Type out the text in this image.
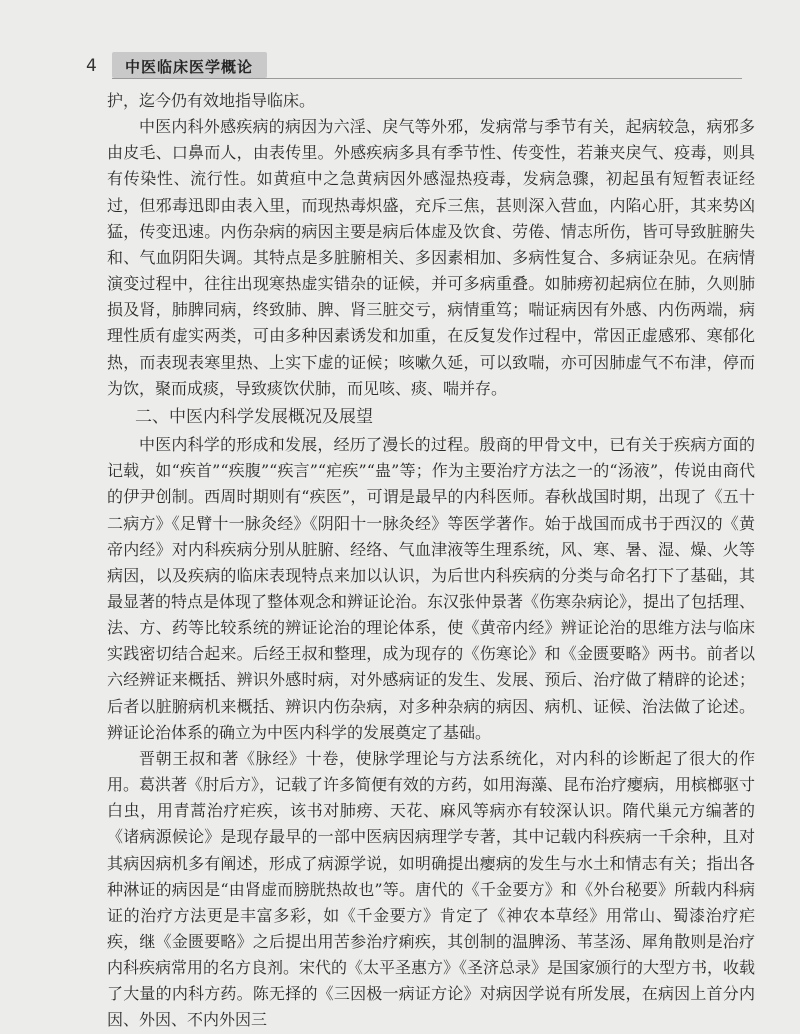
4 中医临床医学概论

护，迄今仍有效地指导临床。

中医内科外感疾病的病因为六淫、戾气等外邪，发病常与季节有关，起病较急，病邪多由皮毛、口鼻而人，由表传里。外感疾病多具有季节性、传变性，若兼夹戾气、疫毒，则具有传染性、流行性。如黄疸中之急黄病因外感湿热疫毒，发病急骤，初起虽有短暂表证经过，但邪毒迅即由表入里，而现热毒炽盛，充斥三焦，甚则深入营血，内陷心肝，其来势凶猛，传变迅速。内伤杂病的病因主要是病后体虚及饮食、劳倦、情志所伤，皆可导致脏腑失和、气血阴阳失调。其特点是多脏腑相关、多因素相加、多病性复合、多病证杂见。在病情演变过程中，往往出现寒热虚实错杂的证候，并可多病重叠。如肺痨初起病位在肺，久则肺损及肾，肺脾同病，终致肺、脾、肾三脏交亏，病情重笃；喘证病因有外感、内伤两端，病理性质有虚实两类，可由多种因素诱发和加重，在反复发作过程中，常因正虚感邪、寒郁化热，而表现表寒里热、上实下虚的证候；咳嗽久延，可以致喘，亦可因肺虚气不布津，停而为饮，聚而成痰，导致痰饮伏肺，而见咳、痰、喘并存。

二、中医内科学发展概况及展望

中医内科学的形成和发展，经历了漫长的过程。殷商的甲骨文中，已有关于疾病方面的记载，如“疾首”“疾腹”“疾言”“疟疾”“蛊”等；作为主要治疗方法之一的“汤液”，传说由商代的伊尹创制。西周时期则有“疾医”，可谓是最早的内科医师。春秋战国时期，出现了《五十二病方》《足臂十一脉灸经》《阴阳十一脉灸经》等医学著作。始于战国而成书于西汉的《黄帝内经》对内科疾病分别从脏腑、经络、气血津液等生理系统，风、寒、暑、湿、燥、火等病因，以及疾病的临床表现特点来加以认识，为后世内科疾病的分类与命名打下了基础，其最显著的特点是体现了整体观念和辨证论治。东汉张仲景著《伤寒杂病论》，提出了包括理、法、方、药等比较系统的辨证论治的理论体系，使《黄帝内经》辨证论治的思维方法与临床实践密切结合起来。后经王叔和整理，成为现存的《伤寒论》和《金匮要略》两书。前者以六经辨证来概括、辨识外感时病，对外感病证的发生、发展、预后、治疗做了精辟的论述；后者以脏腑病机来概括、辨识内伤杂病，对多种杂病的病因、病机、证候、治法做了论述。辨证论治体系的确立为中医内科学的发展奠定了基础。

晋朝王叔和著《脉经》十卷，使脉学理论与方法系统化，对内科的诊断起了很大的作用。葛洪著《肘后方》，记载了许多简便有效的方药，如用海藻、昆布治疗瘿病，用槟榔驱寸白虫，用青蒿治疗疟疾，该书对肺痨、天花、麻风等病亦有较深认识。隋代巢元方编著的《诸病源候论》是现存最早的一部中医病因病理学专著，其中记载内科疾病一千余种，且对其病因病机多有阐述，形成了病源学说，如明确提出瘿病的发生与水土和情志有关；指出各种淋证的病因是“由肾虚而膀胱热故也”等。唐代的《千金要方》和《外台秘要》所载内科病证的治疗方法更是丰富多彩，如《千金要方》肯定了《神农本草经》用常山、蜀漆治疗疟疾，继《金匮要略》之后提出用苦参治疗痢疾，其创制的温脾汤、苇茎汤、犀角散则是治疗内科疾病常用的名方良剂。宋代的《太平圣惠方》《圣济总录》是国家颁行的大型方书，收载了大量的内科方药。陈无择的《三因极一病证方论》对病因学说有所发展，在病因上首分内因、外因、不内外因三
